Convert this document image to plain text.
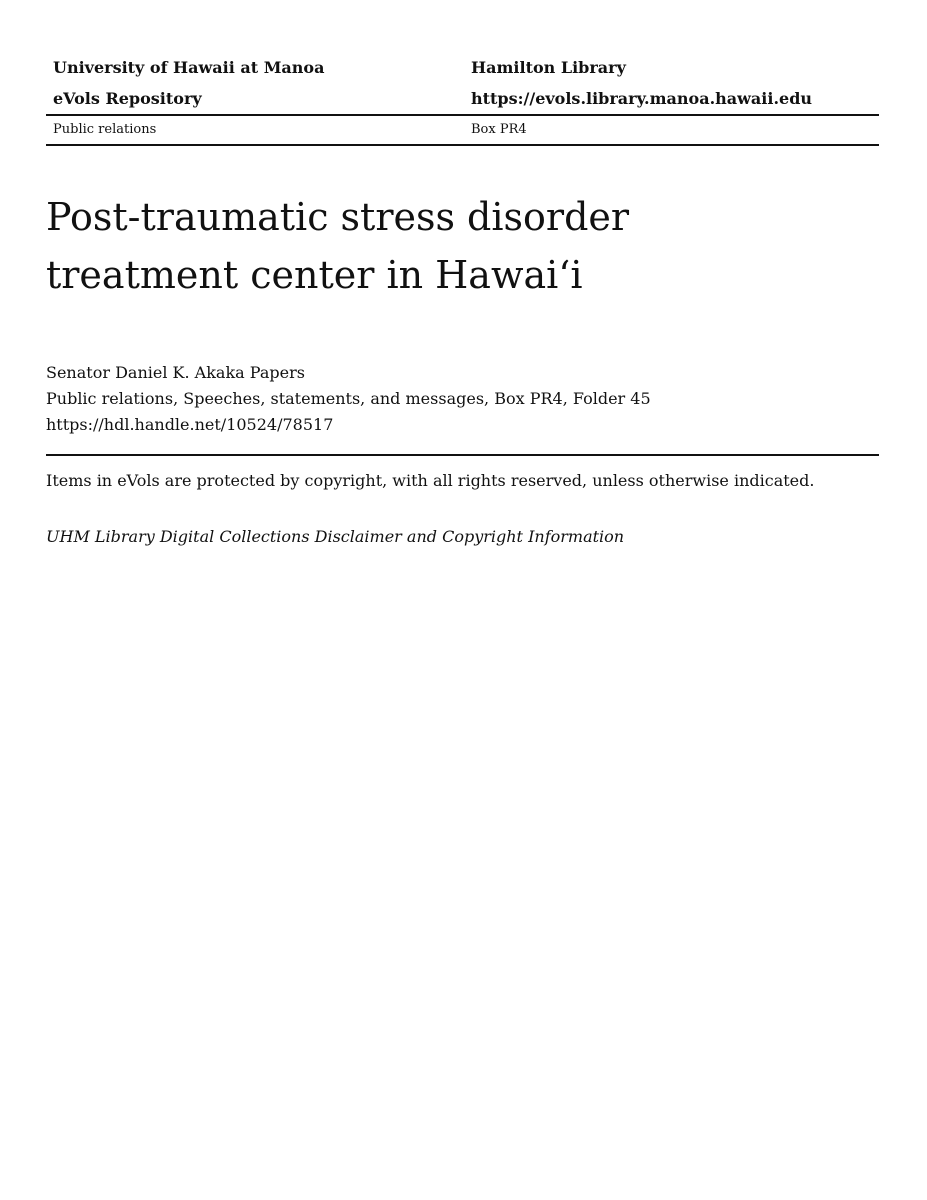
University of Hawaii at Manoa	Hamilton Library
eVols Repository	https://evols.library.manoa.hawaii.edu
Public relations	Box PR4
Post-traumatic stress disorder
treatment center in Hawai‘i
Senator Daniel K. Akaka Papers
Public relations, Speeches, statements, and messages, Box PR4, Folder 45
https://hdl.handle.net/10524/78517
Items in eVols are protected by copyright, with all rights reserved, unless otherwise indicated.
UHM Library Digital Collections Disclaimer and Copyright Information
